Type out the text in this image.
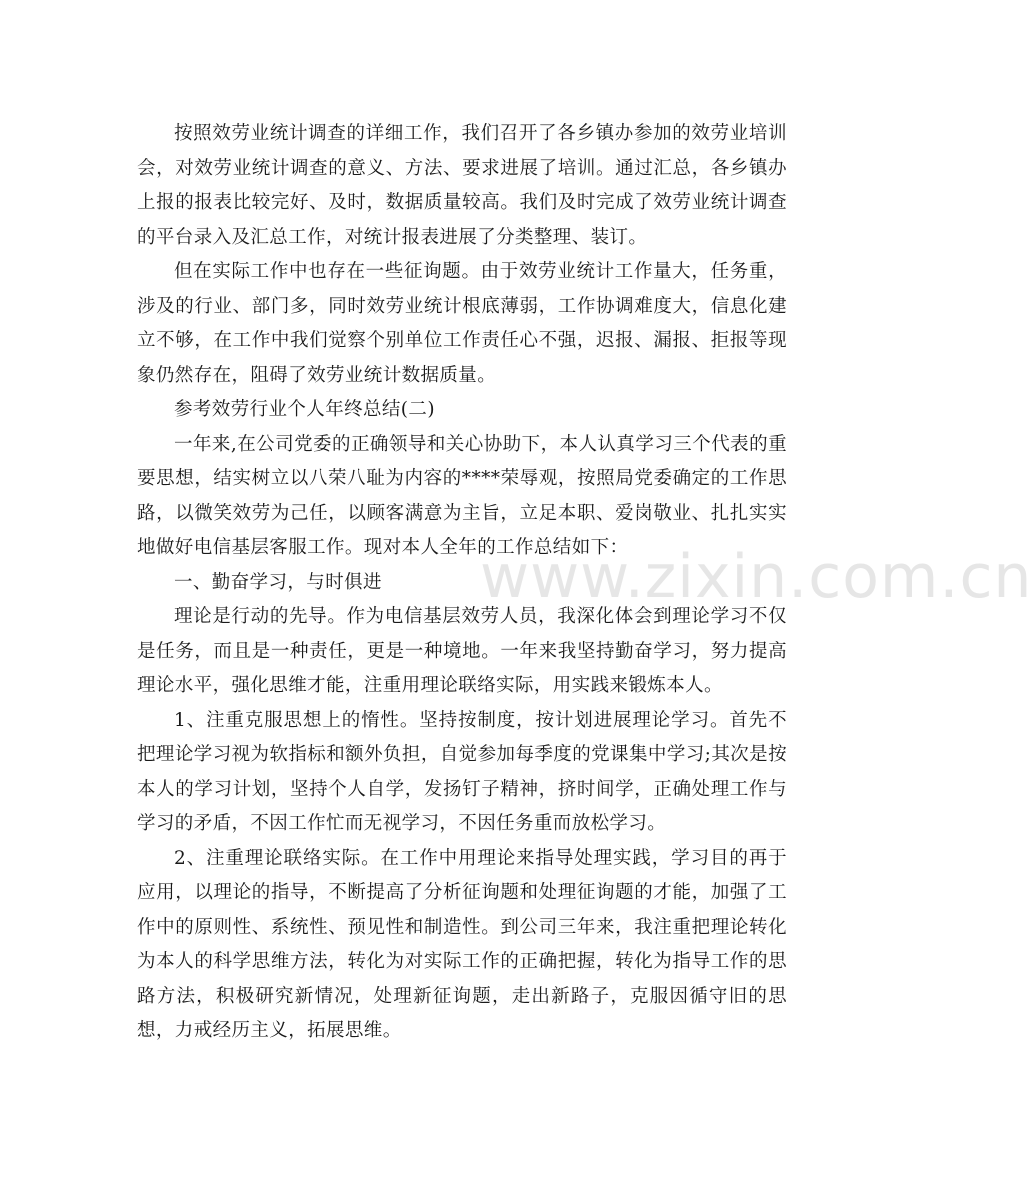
www.zixin.com.cn

按照效劳业统计调查的详细工作，我们召开了各乡镇办参加的效劳业培训会，对效劳业统计调查的意义、方法、要求进展了培训。通过汇总，各乡镇办上报的报表比较完好、及时，数据质量较高。我们及时完成了效劳业统计调查的平台录入及汇总工作，对统计报表进展了分类整理、装订。

但在实际工作中也存在一些征询题。由于效劳业统计工作量大，任务重，涉及的行业、部门多，同时效劳业统计根底薄弱，工作协调难度大，信息化建立不够，在工作中我们觉察个别单位工作责任心不强，迟报、漏报、拒报等现象仍然存在，阻碍了效劳业统计数据质量。

参考效劳行业个人年终总结(二)

一年来,在公司党委的正确领导和关心协助下，本人认真学习三个代表的重要思想，结实树立以八荣八耻为内容的****荣辱观，按照局党委确定的工作思路，以微笑效劳为己任，以顾客满意为主旨，立足本职、爱岗敬业、扎扎实实地做好电信基层客服工作。现对本人全年的工作总结如下：

一、勤奋学习，与时俱进

理论是行动的先导。作为电信基层效劳人员，我深化体会到理论学习不仅是任务，而且是一种责任，更是一种境地。一年来我坚持勤奋学习，努力提高理论水平，强化思维才能，注重用理论联络实际，用实践来锻炼本人。

1、注重克服思想上的惰性。坚持按制度，按计划进展理论学习。首先不把理论学习视为软指标和额外负担，自觉参加每季度的党课集中学习;其次是按本人的学习计划，坚持个人自学，发扬钉子精神，挤时间学，正确处理工作与学习的矛盾，不因工作忙而无视学习，不因任务重而放松学习。

2、注重理论联络实际。在工作中用理论来指导处理实践，学习目的再于应用，以理论的指导，不断提高了分析征询题和处理征询题的才能，加强了工作中的原则性、系统性、预见性和制造性。到公司三年来，我注重把理论转化为本人的科学思维方法，转化为对实际工作的正确把握，转化为指导工作的思路方法，积极研究新情况，处理新征询题，走出新路子，克服因循守旧的思想，力戒经历主义，拓展思维。
